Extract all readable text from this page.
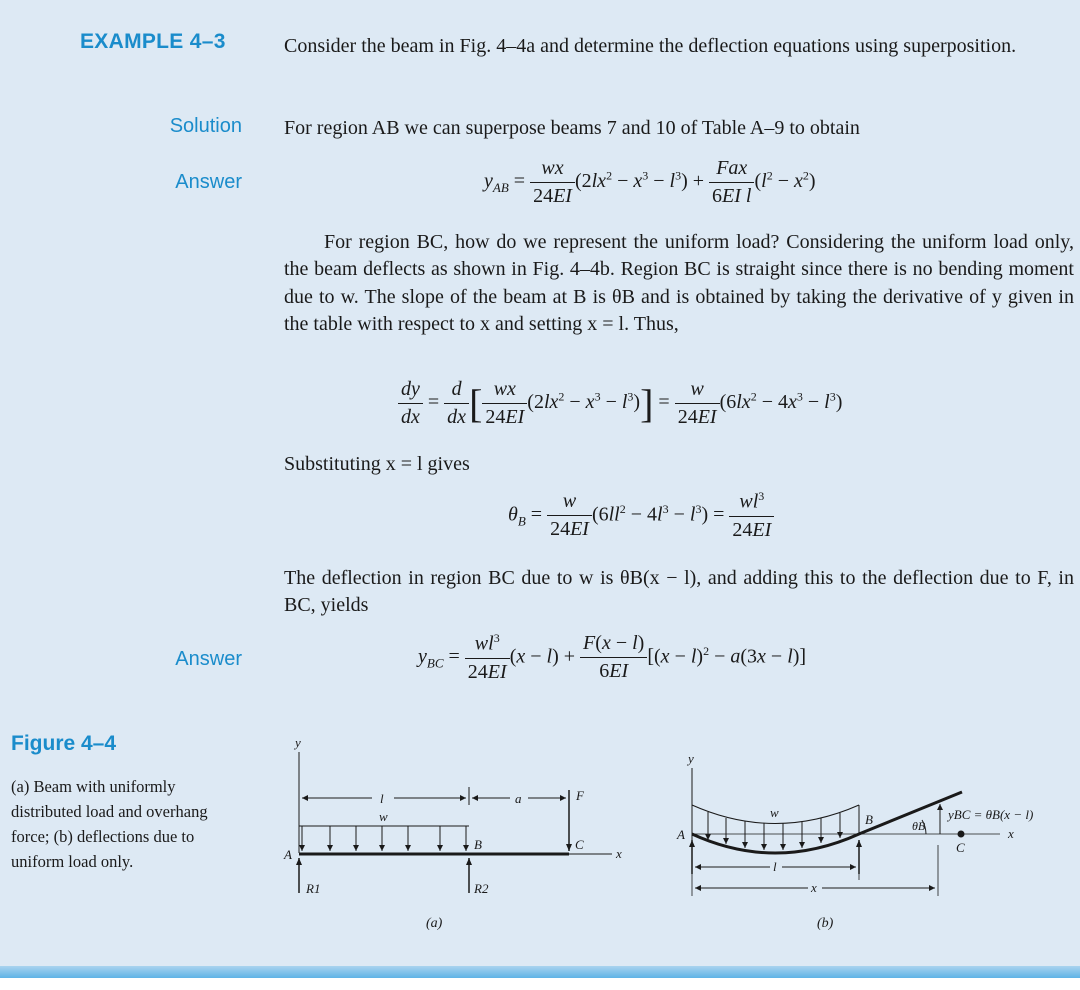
EXAMPLE 4–3	Consider the beam in Fig. 4–4a and determine the deflection equations using superposition.
Solution
Answer
Answer
For region AB we can superpose beams 7 and 10 of Table A–9 to obtain
$y_{AB} = \frac{wx}{24EI} (2lx^2 - x^3 - l^3) + \frac{\text{Fax}}{\text{6EI l}} (l^2 - x^2)$
For region BC, how do we represent the uniform load? Considering the uniform load only, the beam deflects as shown in Fig. 4–4b. Region BC is straight since there is no bending moment due to w. The slope of the beam at B is θB and is obtained by taking the derivative of y given in the table with respect to x and setting x = l. Thus,
$\frac{dy}{dx} = \frac{d}{dx}$ [ $\frac{wx}{24EI} (2lx^2 - x^3 - l^3)] = \frac{w}{24EI} (6lx^2 - 4x^3 - l^3)$
Substituting x = l gives
$\theta_B = \frac{w}{24EI} (6ll^2 - 4l^3 - l^3) = \frac{wl^3}{24EI}$
The deflection in region BC due to w is θB(x − l), and adding this to the deflection due to F, in BC, yields
$y_{BC} = \frac{wl^3}{24EI} (x - l) + \frac{F(x - l)}{6EI} [(x - l)^2 - a(3x - l)]$
Figure 4–4
(a) Beam with uniformly distributed load and overhang force; (b) deflections due to uniform load only.
y
l	a
w
F
x
A
B	C
R1	R2
(a)
y
w
x
A
B	θB
yBC = θB(x − l)
C
l
x
(b)
